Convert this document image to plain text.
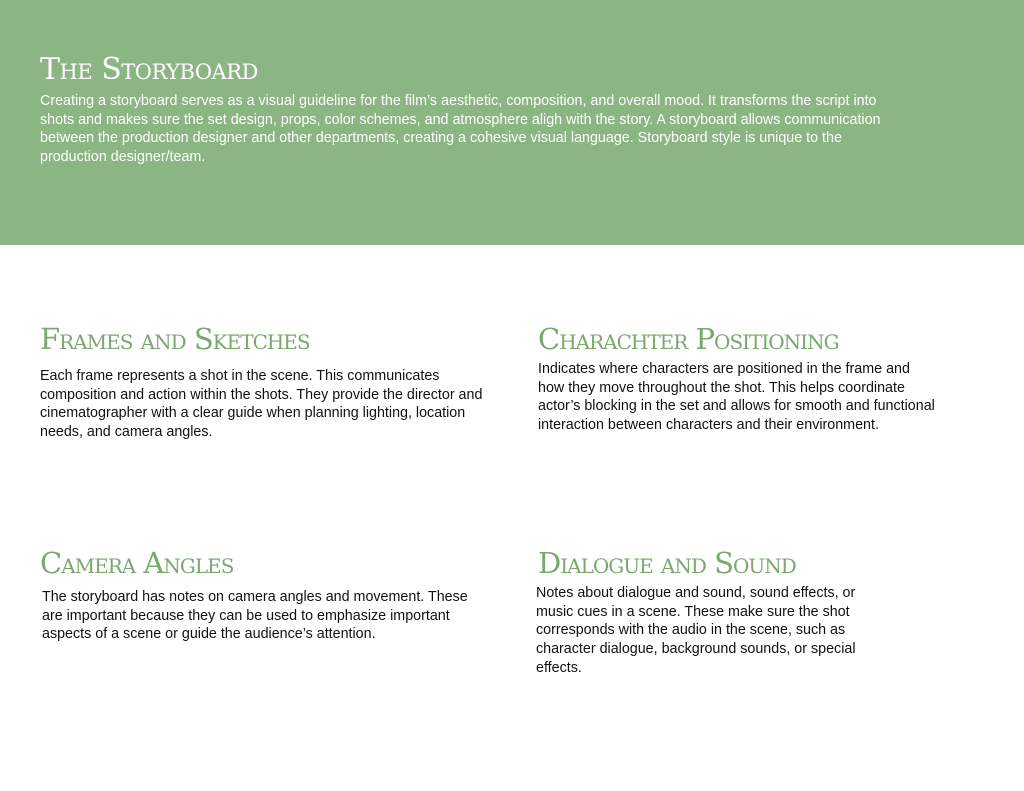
The Storyboard

Creating a storyboard serves as a visual guideline for the film’s aesthetic, composition, and overall mood. It transforms the script into shots and makes sure the set design, props, color schemes, and atmosphere aligh with the story. A storyboard allows communication between the production designer and other departments, creating a cohesive visual language. Storyboard style is unique to the production designer/team.

Frames and Sketches

Each frame represents a shot in the scene. This communicates composition and action within the shots. They provide the director and cinematographer with a clear guide when planning lighting, location needs, and camera angles.

Charachter Positioning

Indicates where characters are positioned in the frame and how they move throughout the shot. This helps coordinate actor’s blocking in the set and allows for smooth and functional interaction between characters and their environment.

Camera Angles

The storyboard has notes on camera angles and movement. These are important because they can be used to emphasize important aspects of a scene or guide the audience’s attention.

Dialogue and Sound

Notes about dialogue and sound, sound effects, or music cues in a scene. These make sure the shot corresponds with the audio in the scene, such as character dialogue, background sounds, or special effects.
